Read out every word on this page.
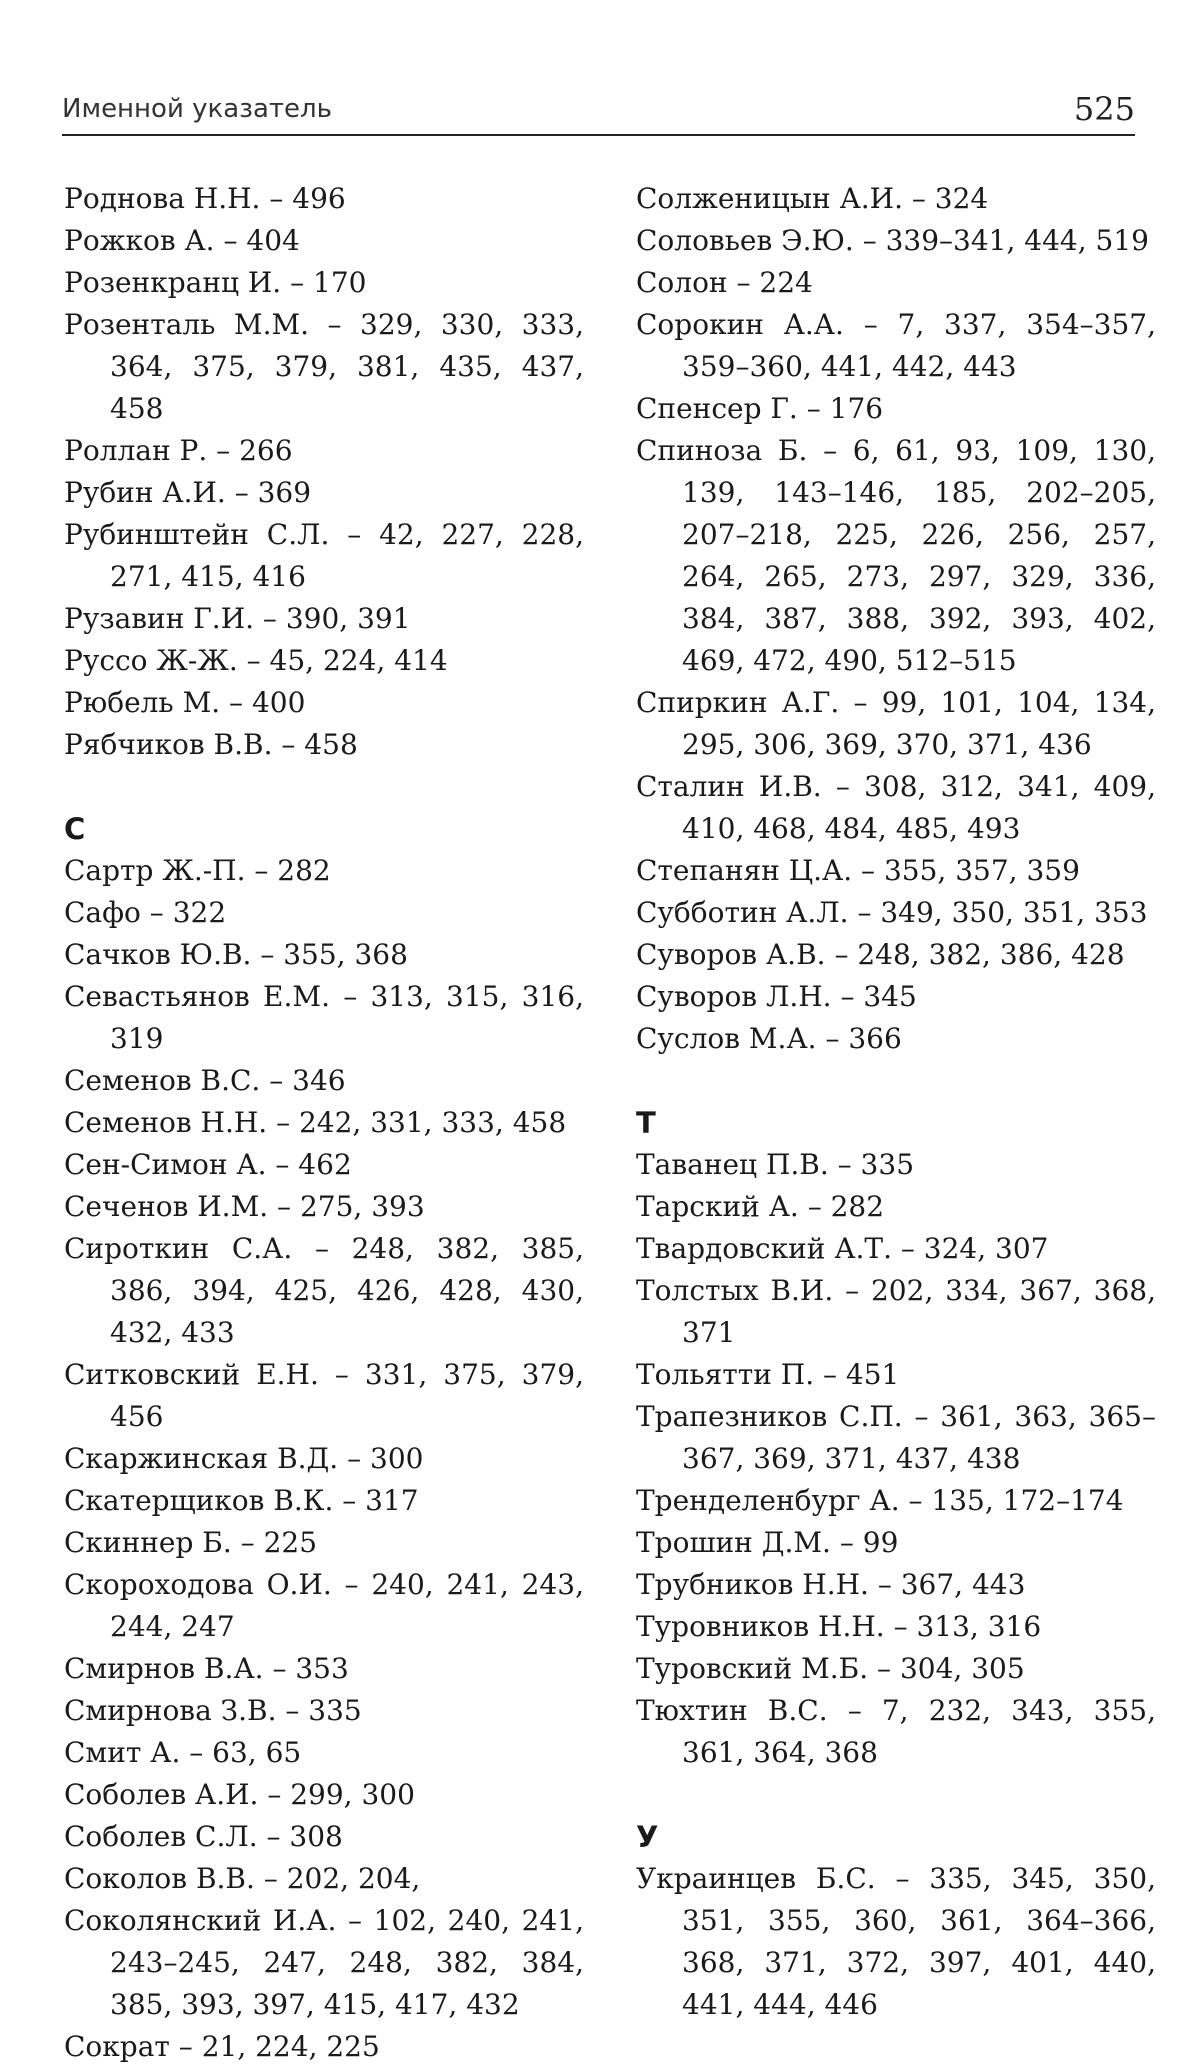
Именной указатель	525

Роднова Н.Н. – 496

Рожков А. – 404

Розенкранц И. – 170

Розенталь М.М. – 329, 330, 333, 364, 375, 379, 381, 435, 437, 458

Роллан Р. – 266

Рубин А.И. – 369

Рубинштейн С.Л. – 42, 227, 228, 271, 415, 416

Рузавин Г.И. – 390, 391

Руссо Ж-Ж. – 45, 224, 414

Рюбель М. – 400

Рябчиков В.В. – 458

С

Сартр Ж.-П. – 282

Сафо – 322

Сачков Ю.В. – 355, 368

Севастьянов Е.М. – 313, 315, 316, 319

Семенов В.С. – 346

Семенов Н.Н. – 242, 331, 333, 458

Сен-Симон А. – 462

Сеченов И.М. – 275, 393

Сироткин С.А. – 248, 382, 385, 386, 394, 425, 426, 428, 430, 432, 433

Ситковский Е.Н. – 331, 375, 379, 456

Скаржинская В.Д. – 300

Скатерщиков В.К. – 317

Скиннер Б. – 225

Скороходова О.И. – 240, 241, 243, 244, 247

Смирнов В.А. – 353

Смирнова З.В. – 335

Смит А. – 63, 65

Соболев А.И. – 299, 300

Соболев С.Л. – 308

Соколов В.В. – 202, 204,

Соколянский И.А. – 102, 240, 241, 243–245, 247, 248, 382, 384, 385, 393, 397, 415, 417, 432

Сократ – 21, 224, 225

Солженицын А.И. – 324

Соловьев Э.Ю. – 339–341, 444, 519

Солон – 224

Сорокин А.А. – 7, 337, 354–357, 359–360, 441, 442, 443

Спенсер Г. – 176

Спиноза Б. – 6, 61, 93, 109, 130, 139, 143–146, 185, 202–205, 207–218, 225, 226, 256, 257, 264, 265, 273, 297, 329, 336, 384, 387, 388, 392, 393, 402, 469, 472, 490, 512–515

Спиркин А.Г. – 99, 101, 104, 134, 295, 306, 369, 370, 371, 436

Сталин И.В. – 308, 312, 341, 409, 410, 468, 484, 485, 493

Степанян Ц.А. – 355, 357, 359

Субботин А.Л. – 349, 350, 351, 353

Суворов А.В. – 248, 382, 386, 428

Суворов Л.Н. – 345

Суслов М.А. – 366

Т

Таванец П.В. – 335

Тарский А. – 282

Твардовский А.Т. – 324, 307

Толстых В.И. – 202, 334, 367, 368, 371

Тольятти П. – 451

Трапезников С.П. – 361, 363, 365–367, 369, 371, 437, 438

Тренделенбург А. – 135, 172–174

Трошин Д.М. – 99

Трубников Н.Н. – 367, 443

Туровников Н.Н. – 313, 316

Туровский М.Б. – 304, 305

Тюхтин В.С. – 7, 232, 343, 355, 361, 364, 368

У

Украинцев Б.С. – 335, 345, 350, 351, 355, 360, 361, 364–366, 368, 371, 372, 397, 401, 440, 441, 444, 446
